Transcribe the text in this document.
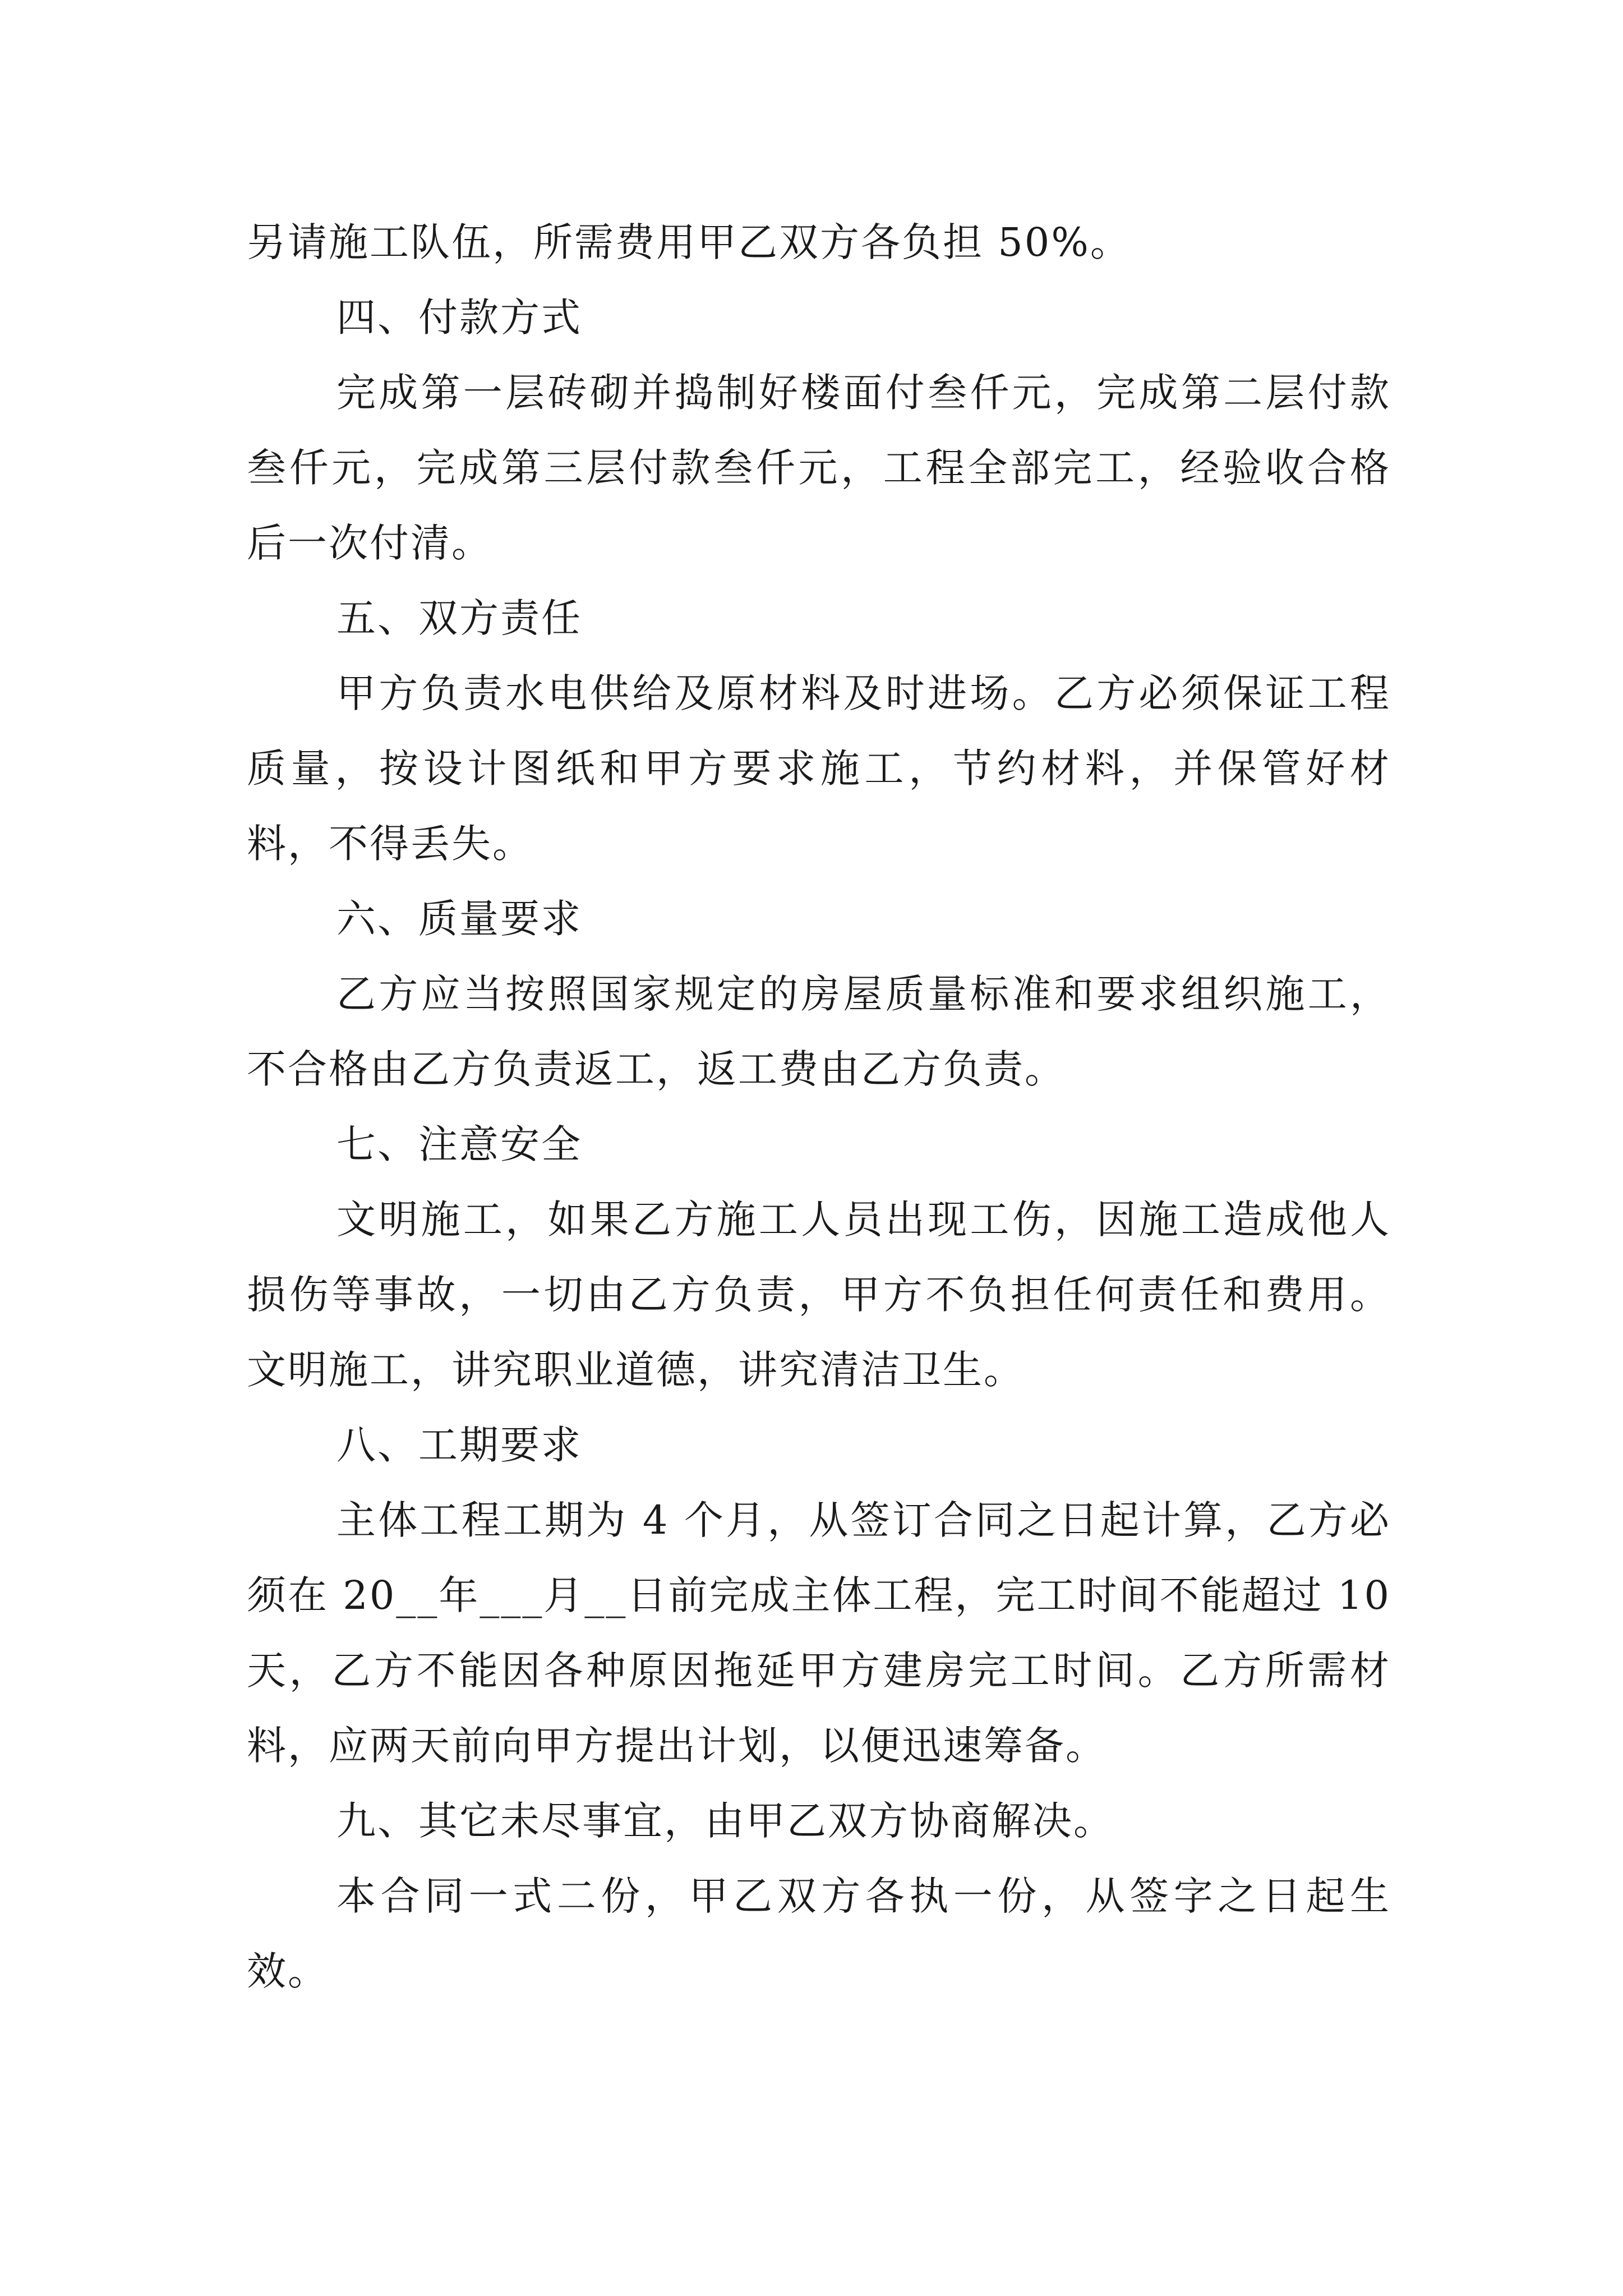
另请施工队伍，所需费用甲乙双方各负担 50%。

四、付款方式

完成第一层砖砌并捣制好楼面付叁仟元，完成第二层付款叁仟元，完成第三层付款叁仟元，工程全部完工，经验收合格后一次付清。

五、双方责任

甲方负责水电供给及原材料及时进场。乙方必须保证工程质量，按设计图纸和甲方要求施工，节约材料，并保管好材料，不得丢失。

六、质量要求

乙方应当按照国家规定的房屋质量标准和要求组织施工，不合格由乙方负责返工，返工费由乙方负责。

七、注意安全

文明施工，如果乙方施工人员出现工伤，因施工造成他人损伤等事故，一切由乙方负责，甲方不负担任何责任和费用。文明施工，讲究职业道德，讲究清洁卫生。

八、工期要求

主体工程工期为 4 个月，从签订合同之日起计算，乙方必须在 20__年___月__日前完成主体工程，完工时间不能超过 10 天，乙方不能因各种原因拖延甲方建房完工时间。乙方所需材料，应两天前向甲方提出计划，以便迅速筹备。

九、其它未尽事宜，由甲乙双方协商解决。

本合同一式二份，甲乙双方各执一份，从签字之日起生效。
